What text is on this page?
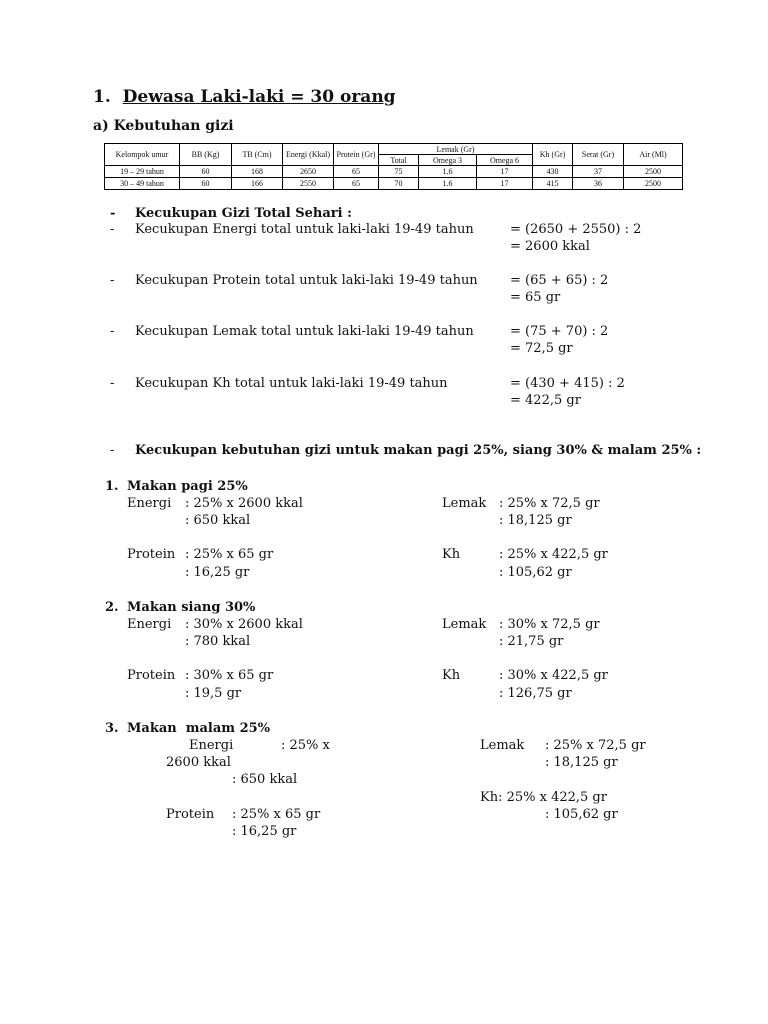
1. Dewasa Laki-laki = 30 orang
a) Kebutuhan gizi
Kelompok umur	BB (Kg)	TB (Cm)	Energi (Kkal)	Protein (Gr)	Lemak (Gr)			Kh (Gr)	Serat (Gr)	Air (Ml)
					Total	Omega 3	Omega 6			
19 – 29 tahun	60	168	2650	65	75	1.6	17	430	37	2500
30 – 49 tahun	60	166	2550	65	70	1.6	17	415	36	2500
- Kecukupan Gizi Total Sehari :
- Kecukupan Energi total untuk laki-laki 19-49 tahun	= (2650 + 2550) : 2
= 2600 kkal
- Kecukupan Protein total untuk laki-laki 19-49 tahun = (65 + 65) : 2
= 65 gr
- Kecukupan Lemak total untuk laki-laki 19-49 tahun	= (75 + 70) : 2
= 72,5 gr
- Kecukupan Kh total untuk laki-laki 19-49 tahun	= (430 + 415) : 2
= 422,5 gr
- Kecukupan kebutuhan gizi untuk makan pagi 25%, siang 30% & malam 25% :
1. Makan pagi 25%
Energi : 25% x 2600 kkal
: 650 kkal
Lemak : 25% x 72,5 gr
: 18,125 gr
Protein : 25% x 65 gr
: 16,25 gr
Kh	: 25% x 422,5 gr
: 105,62 gr
2. Makan siang 30%
Energi : 30% x 2600 kkal
: 780 kkal
Lemak : 30% x 72,5 gr
: 21,75 gr
Protein : 30% x 65 gr
: 19,5 gr
Kh	: 30% x 422,5 gr
: 126,75 gr
3. Makan  malam 25%
Energi	: 25% x
2600 kkal
: 650 kkal
Lemak : 25% x 72,5 gr
: 18,125 gr
Kh: 25% x 422,5 gr
: 105,62 gr
Protein : 25% x 65 gr
: 16,25 gr
